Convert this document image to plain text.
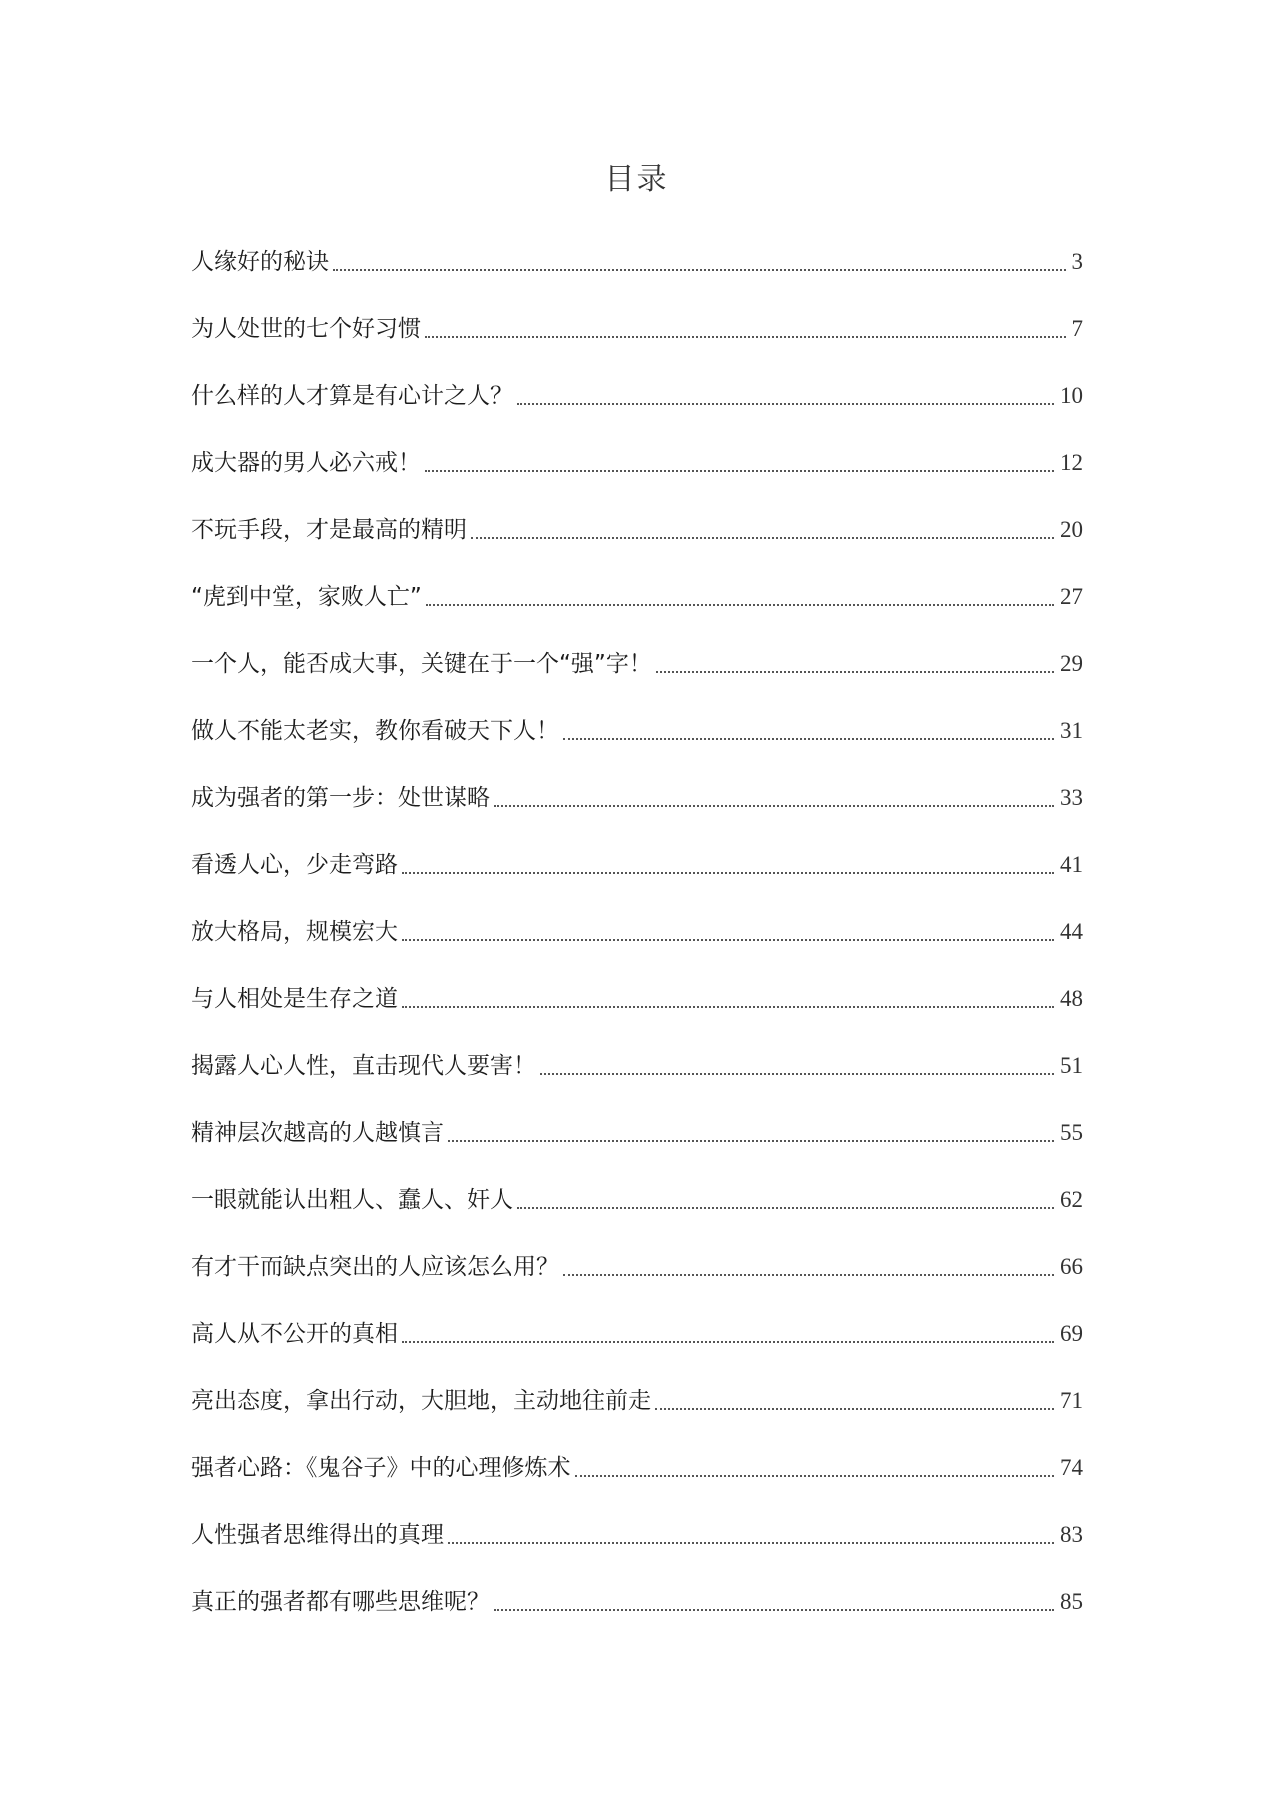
目录
人缘好的秘诀	3
为人处世的七个好习惯	7
什么样的人才算是有心计之人？	10
成大器的男人必六戒！	12
不玩手段，才是最高的精明	20
“虎到中堂，家败人亡”	27
一个人，能否成大事，关键在于一个“强”字！	29
做人不能太老实，教你看破天下人！	31
成为强者的第一步：处世谋略	33
看透人心，少走弯路	41
放大格局，规模宏大	44
与人相处是生存之道	48
揭露人心人性，直击现代人要害！	51
精神层次越高的人越慎言	55
一眼就能认出粗人、蠢人、奸人	62
有才干而缺点突出的人应该怎么用？	66
高人从不公开的真相	69
亮出态度，拿出行动，大胆地，主动地往前走	71
强者心路：《鬼谷子》中的心理修炼术	74
人性强者思维得出的真理	83
真正的强者都有哪些思维呢？	85
